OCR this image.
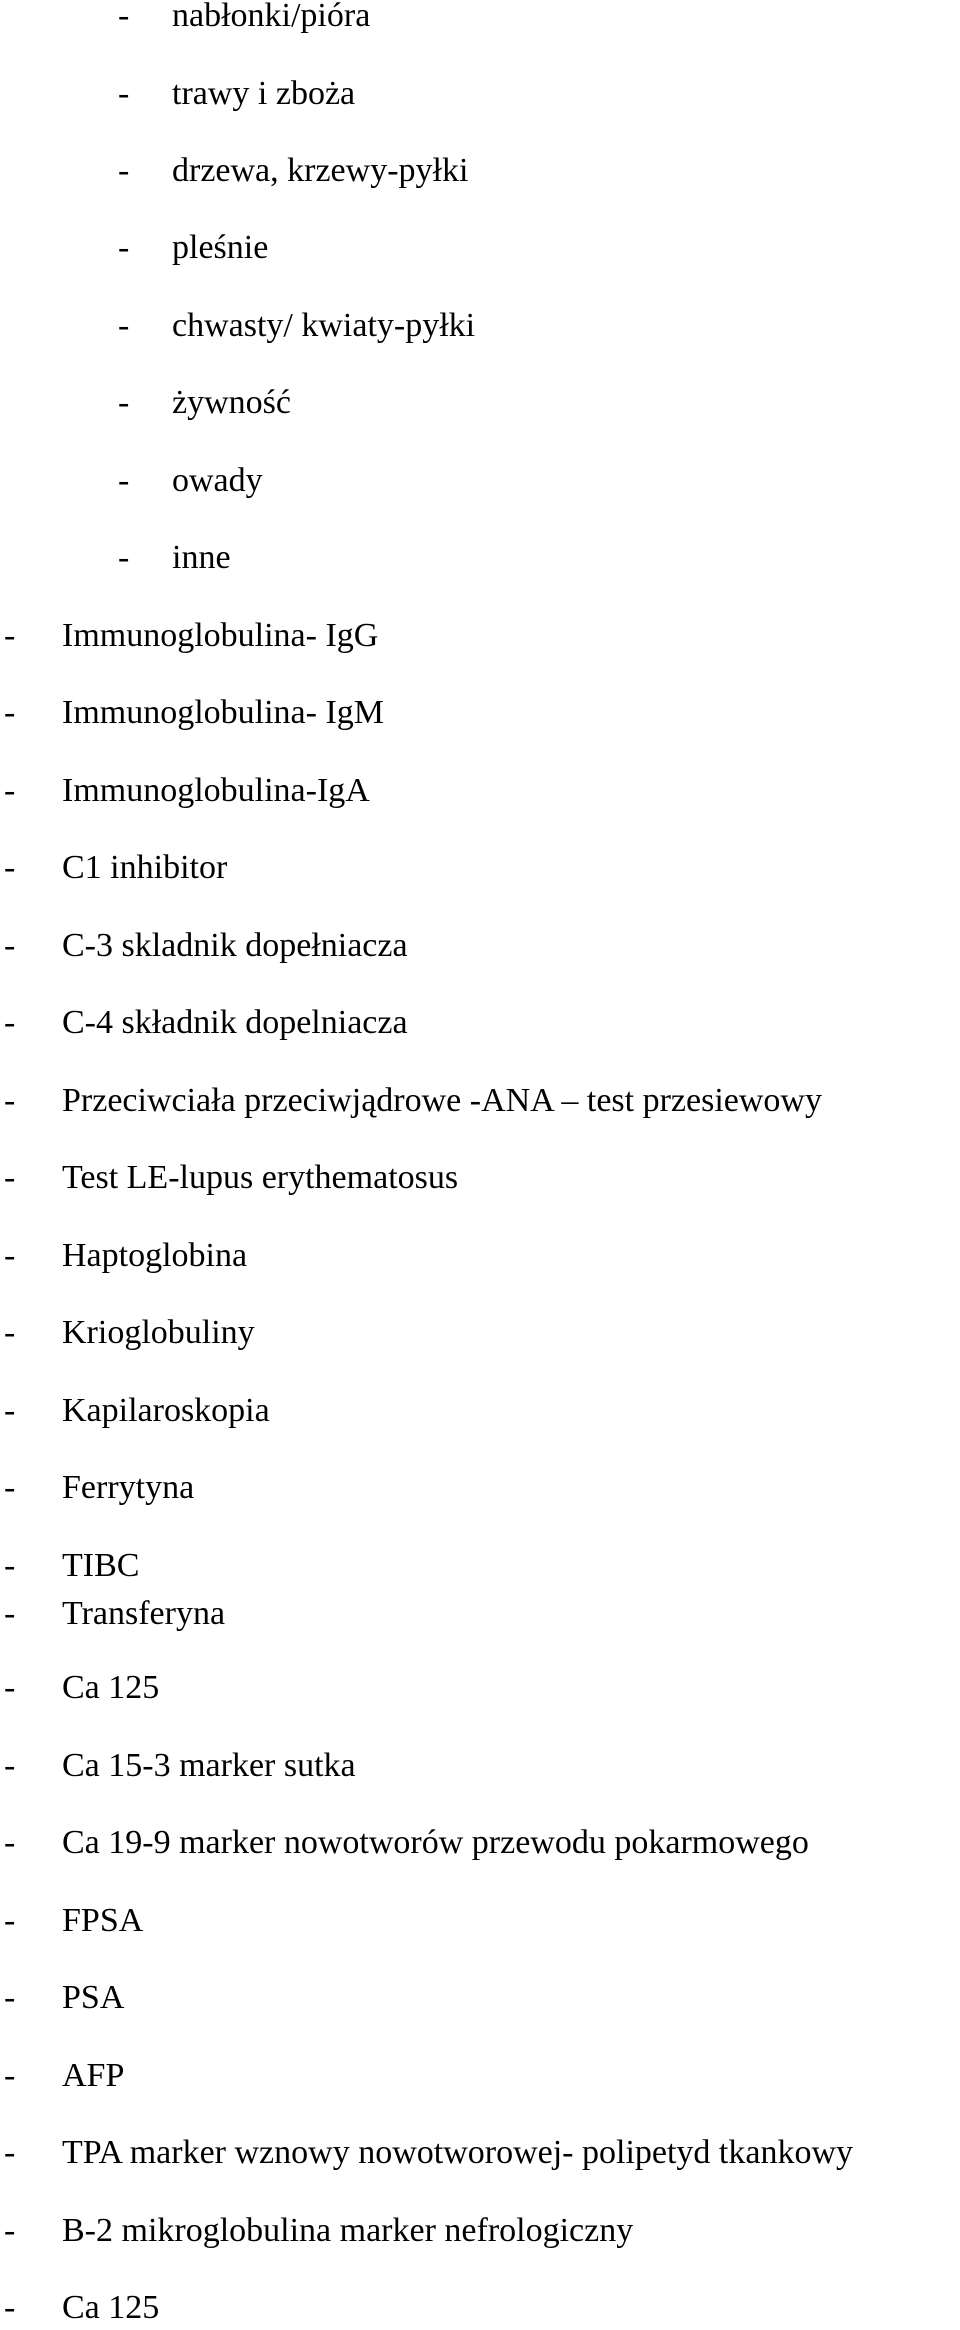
- nabłonki/pióra
- trawy i zboża
- drzewa, krzewy-pyłki
- pleśnie
- chwasty/ kwiaty-pyłki
- żywność
- owady
- inne
- Immunoglobulina- IgG
- Immunoglobulina- IgM
- Immunoglobulina-IgA
- C1 inhibitor
- C-3 skladnik dopełniacza
- C-4 składnik dopelniacza
- Przeciwciała przeciwjądrowe -ANA – test przesiewowy
- Test LE-lupus erythematosus
- Haptoglobina
- Krioglobuliny
- Kapilaroskopia
- Ferrytyna
- TIBC
- Transferyna
- Ca 125
- Ca 15-3 marker sutka
- Ca 19-9 marker nowotworów przewodu pokarmowego
- FPSA
- PSA
- AFP
- TPA marker wznowy nowotworowej- polipetyd tkankowy
- B-2 mikroglobulina marker nefrologiczny
- Ca 125
